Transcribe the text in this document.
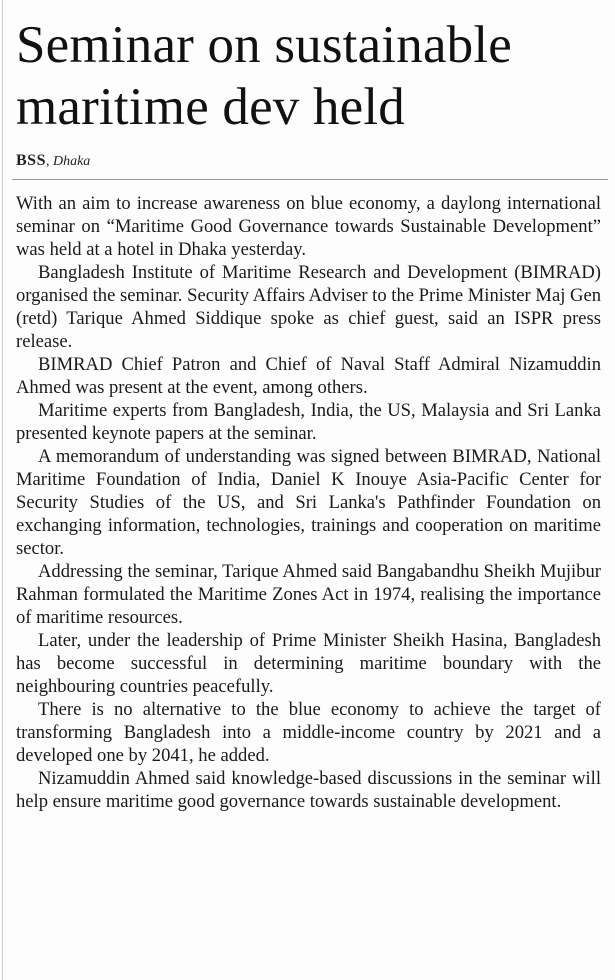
Seminar on sustainable
maritime dev held
BSS, Dhaka

With an aim to increase awareness on blue economy, a daylong international seminar on “Maritime Good Governance towards Sustainable Development” was held at a hotel in Dhaka yesterday.

Bangladesh Institute of Maritime Research and Development (BIMRAD) organised the seminar. Security Affairs Adviser to the Prime Minister Maj Gen (retd) Tarique Ahmed Siddique spoke as chief guest, said an ISPR press release.

BIMRAD Chief Patron and Chief of Naval Staff Admiral Nizamuddin Ahmed was present at the event, among others.

Maritime experts from Bangladesh, India, the US, Malaysia and Sri Lanka presented keynote papers at the seminar.

A memorandum of understanding was signed between BIMRAD, National Maritime Foundation of India, Daniel K Inouye Asia-Pacific Center for Security Studies of the US, and Sri Lanka's Pathfinder Foundation on exchanging information, technologies, trainings and cooperation on maritime sector.

Addressing the seminar, Tarique Ahmed said Bangabandhu Sheikh Mujibur Rahman formulated the Maritime Zones Act in 1974, realising the importance of maritime resources.

Later, under the leadership of Prime Minister Sheikh Hasina, Bangladesh has become successful in determining maritime boundary with the neighbouring countries peacefully.

There is no alternative to the blue economy to achieve the target of transforming Bangladesh into a middle-income country by 2021 and a developed one by 2041, he added.

Nizamuddin Ahmed said knowledge-based discussions in the seminar will help ensure maritime good governance towards sustainable development.
